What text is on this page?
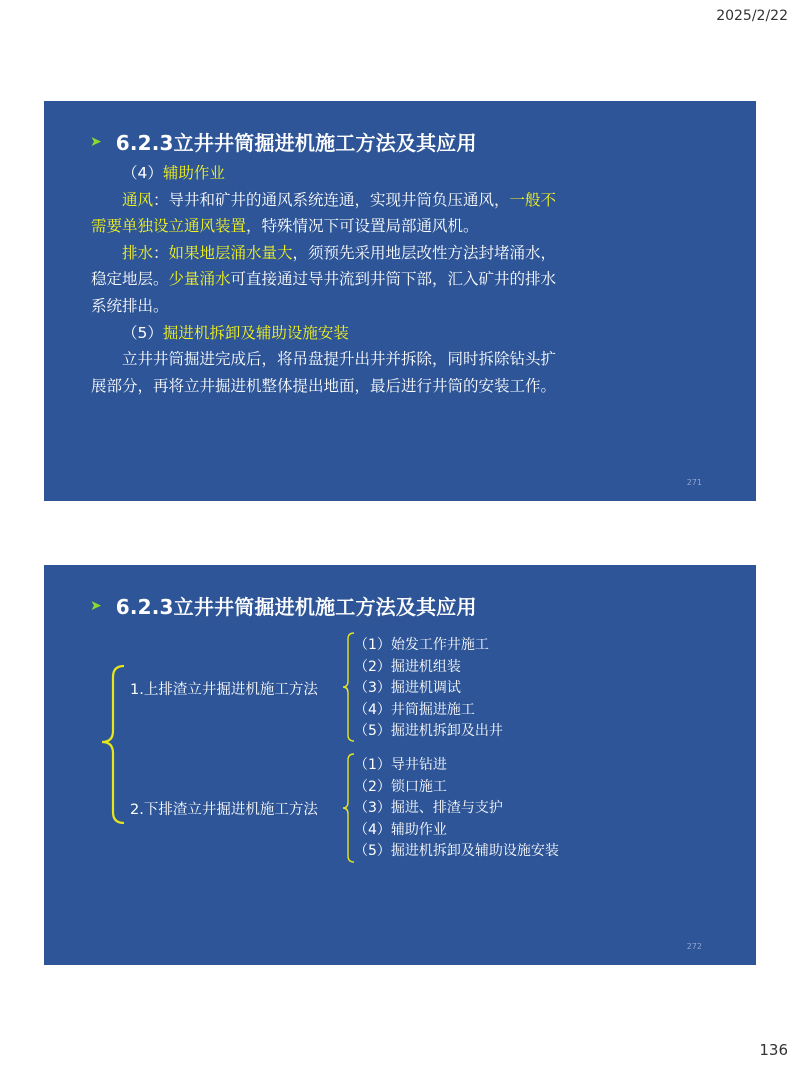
2025/2/22
➤ 6.2.3立井井筒掘进机施工方法及其应用

（4）辅助作业

通风：导井和矿井的通风系统连通，实现井筒负压通风，一般不需要单独设立通风装置，特殊情况下可设置局部通风机。

排水：如果地层涌水量大，须预先采用地层改性方法封堵涌水，稳定地层。少量涌水可直接通过导井流到井筒下部，汇入矿井的排水系统排出。

（5）掘进机拆卸及辅助设施安装

立井井筒掘进完成后，将吊盘提升出井并拆除，同时拆除钻头扩展部分，再将立井掘进机整体提出地面，最后进行井筒的安装工作。

271
➤ 6.2.3立井井筒掘进机施工方法及其应用
1.上排渣立井掘进机施工方法
（1）始发工作井施工
（2）掘进机组装
（3）掘进机调试
（4）井筒掘进施工
（5）掘进机拆卸及出井
2.下排渣立井掘进机施工方法
（1）导井钻进
（2）锁口施工
（3）掘进、排渣与支护
（4）辅助作业
（5）掘进机拆卸及辅助设施安装
272
136
